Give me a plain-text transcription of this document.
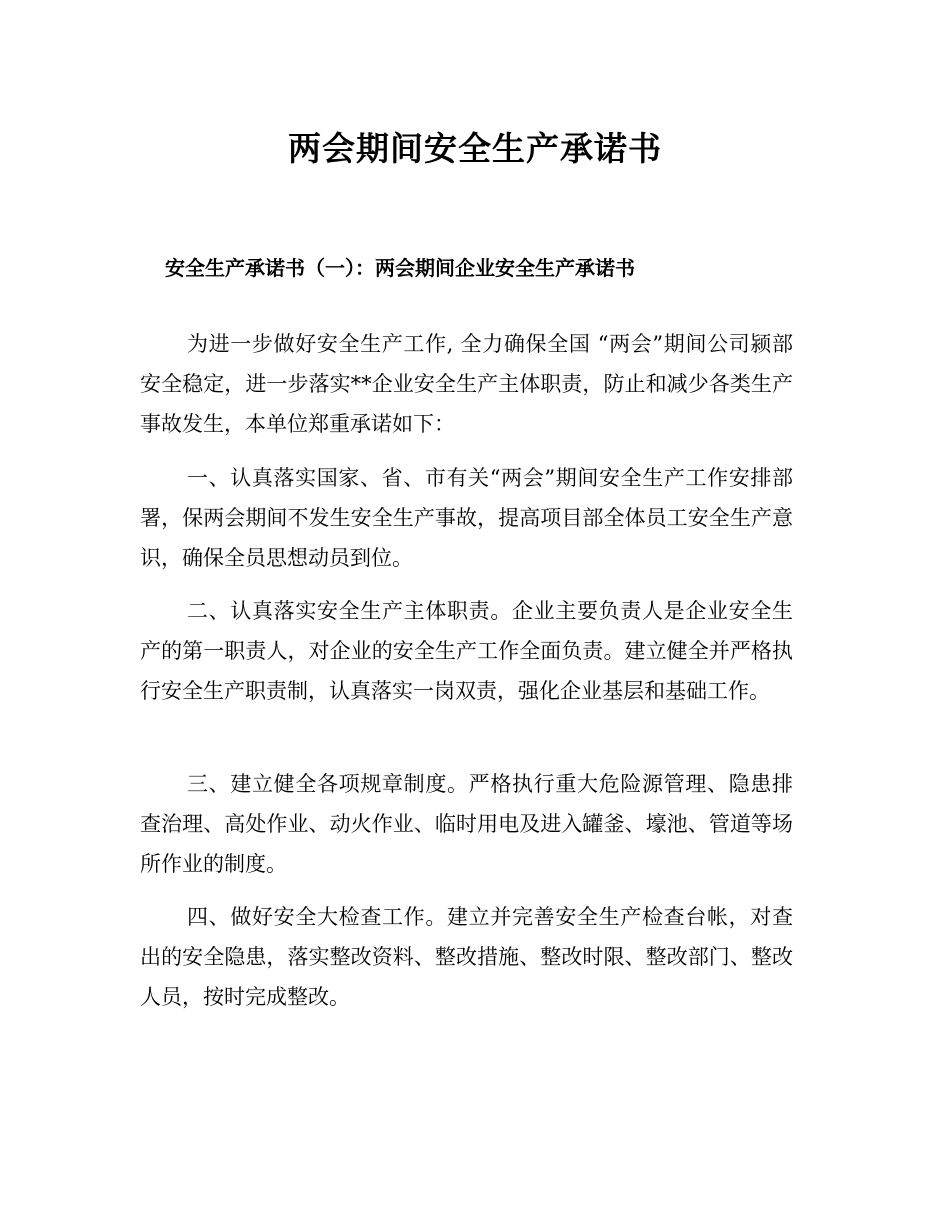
两会期间安全生产承诺书
安全生产承诺书（一）：两会期间企业安全生产承诺书

为进一步做好安全生产工作, 全力确保全国 “两会”期间公司颍部安全稳定，进一步落实**企业安全生产主体职责，防止和减少各类生产事故发生，本单位郑重承诺如下：

一、认真落实国家、省、市有关“两会”期间安全生产工作安排部署，保两会期间不发生安全生产事故，提高项目部全体员工安全生产意识，确保全员思想动员到位。

二、认真落实安全生产主体职责。企业主要负责人是企业安全生产的第一职责人，对企业的安全生产工作全面负责。建立健全并严格执行安全生产职责制，认真落实一岗双责，强化企业基层和基础工作。

三、建立健全各项规章制度。严格执行重大危险源管理、隐患排查治理、高处作业、动火作业、临时用电及进入罐釜、壕池、管道等场所作业的制度。

四、做好安全大检查工作。建立并完善安全生产检查台帐，对查出的安全隐患，落实整改资料、整改措施、整改时限、整改部门、整改人员，按时完成整改。
